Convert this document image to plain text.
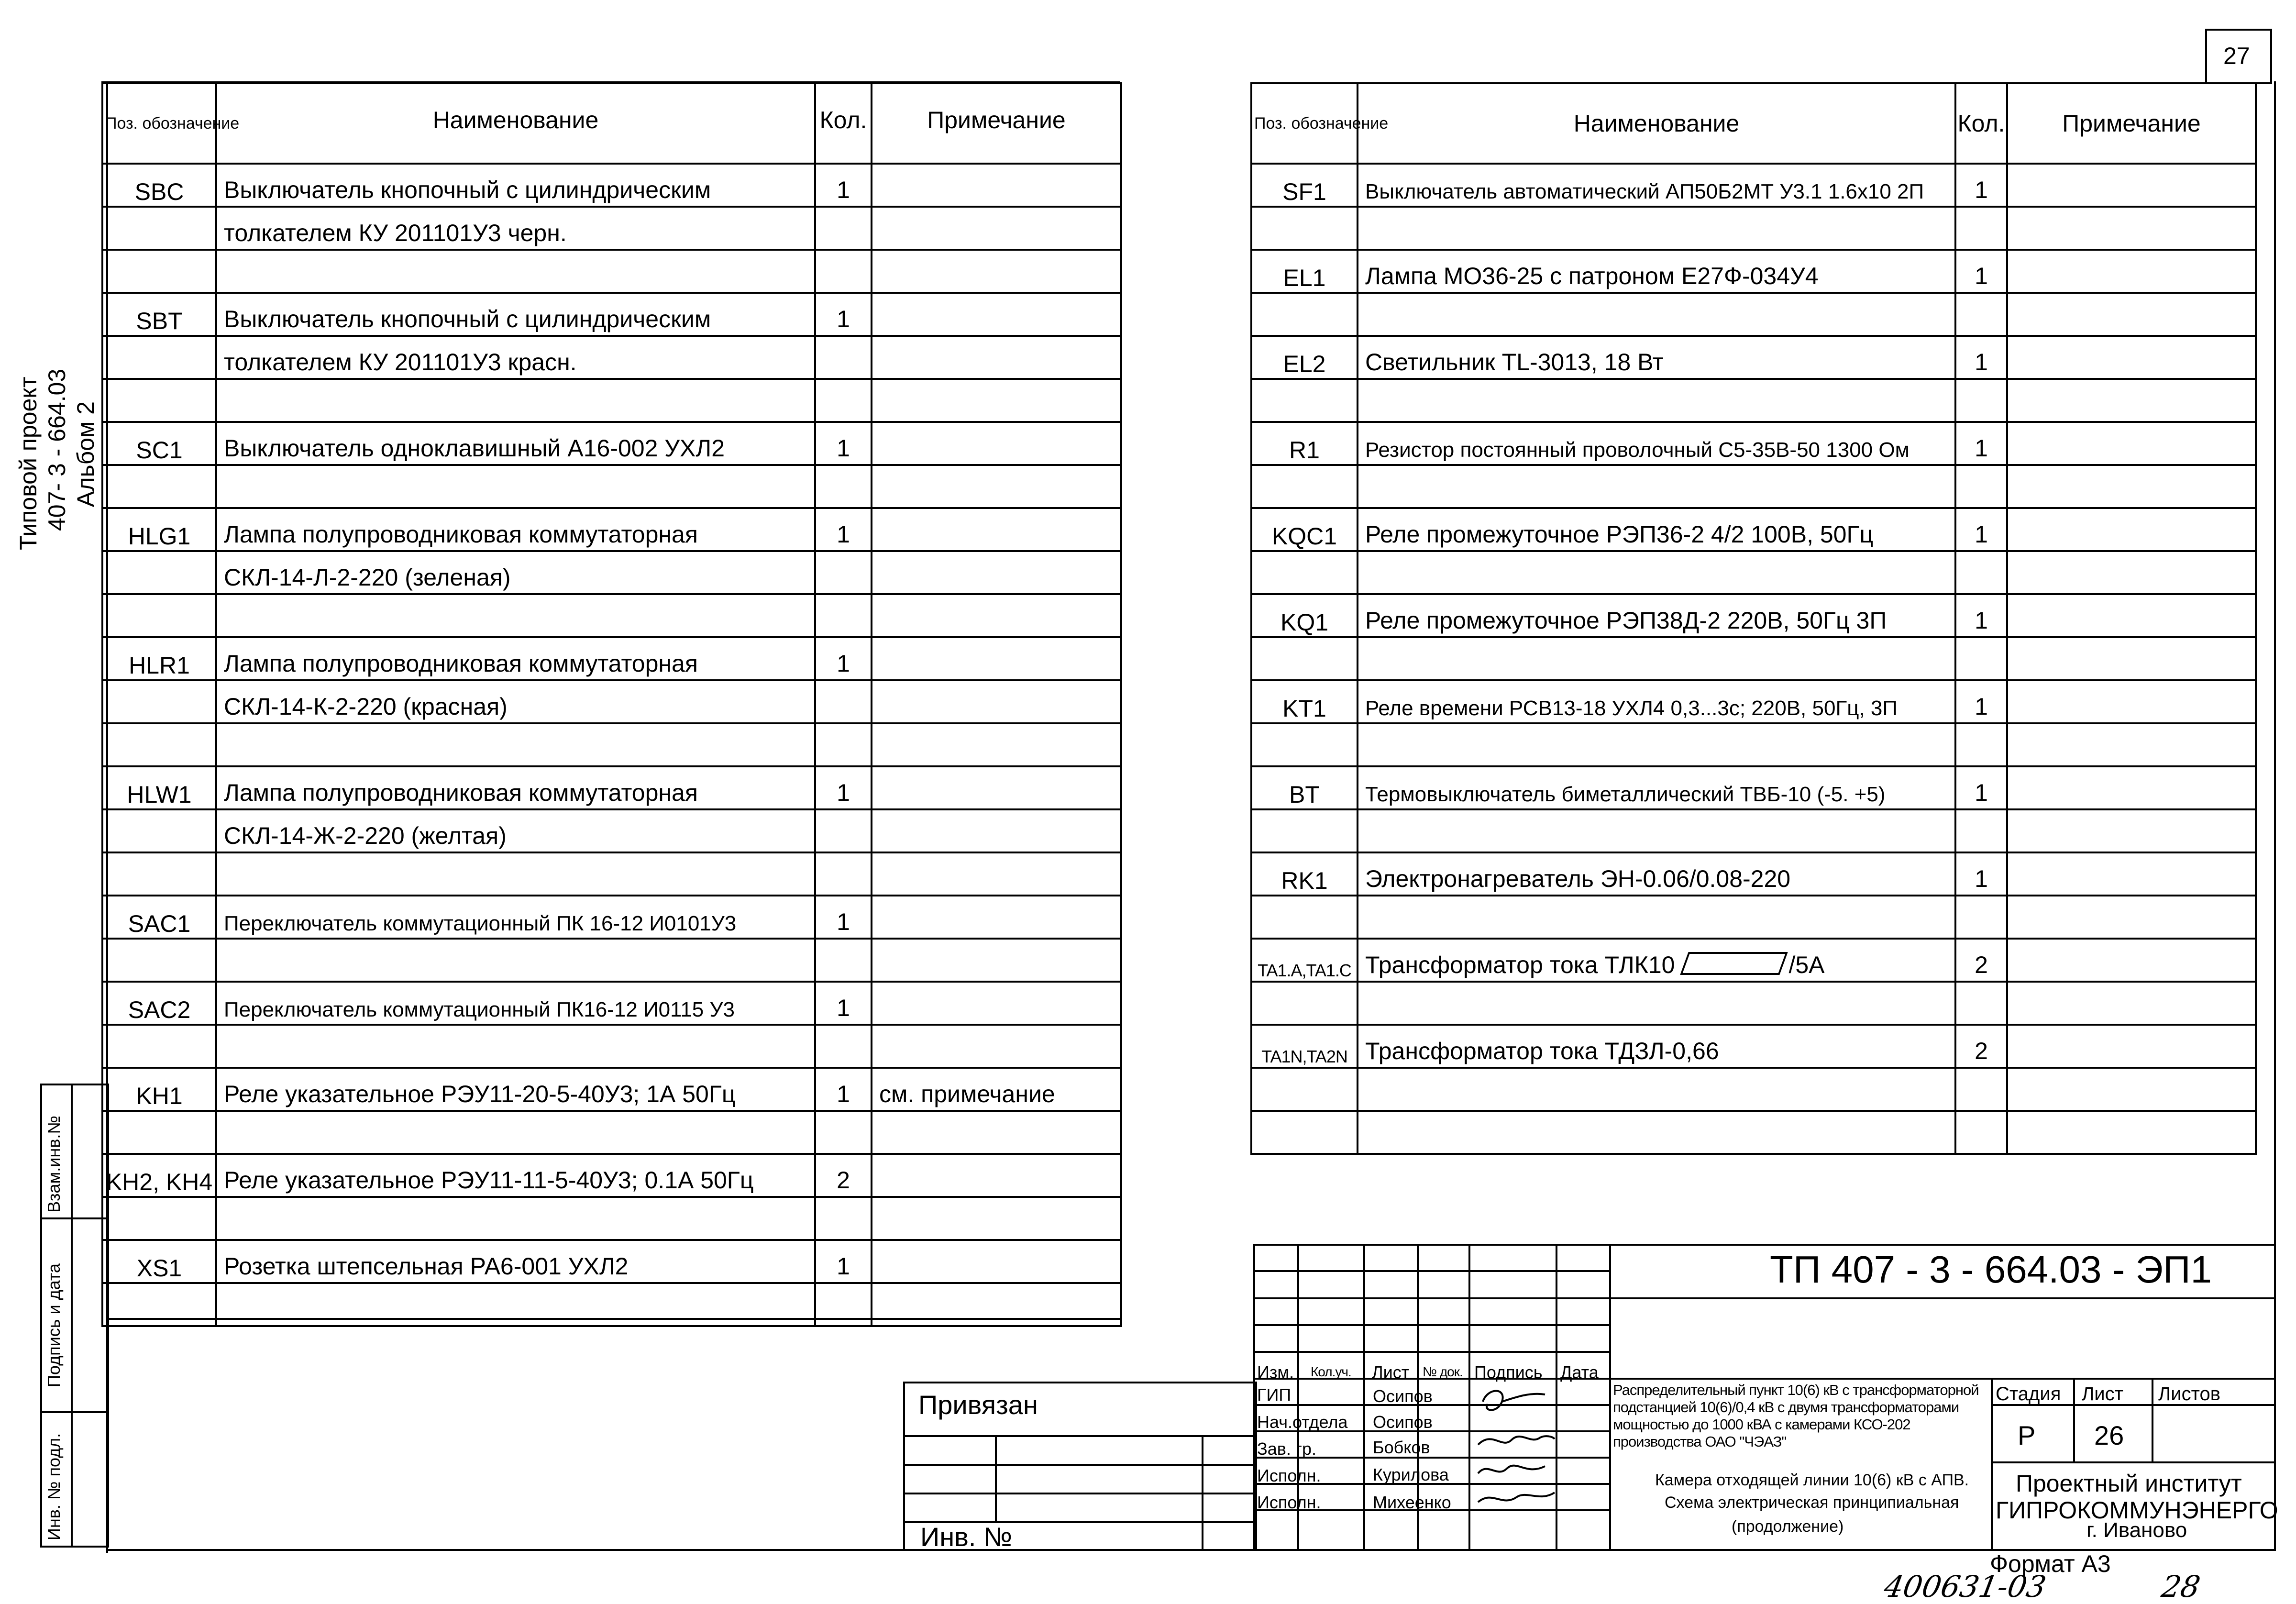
27
Типовой проект 407- 3 - 664.03 Альбом 2
Взам.инв.№
Подпись и дата
Инв. № подл.
Поз. обозначение	Наименование	Кол.	Примечание
SBC	Выключатель кнопочный с цилиндрическим	1	
	толкателем КУ 201101У3 черн.		

SBT	Выключатель кнопочный с цилиндрическим	1	
	толкателем КУ 201101У3 красн.		

SC1	Выключатель одноклавишный А16-002 УХЛ2	1	

HLG1	Лампа полупроводниковая коммутаторная	1	
	СКЛ-14-Л-2-220 (зеленая)		

HLR1	Лампа полупроводниковая коммутаторная	1	
	СКЛ-14-К-2-220 (красная)		

HLW1	Лампа полупроводниковая коммутаторная	1	
	СКЛ-14-Ж-2-220 (желтая)		

SAC1	Переключатель коммутационный ПК 16-12 И0101У3	1	

SAC2	Переключатель коммутационный ПК16-12 И0115 У3	1	

KH1	Реле указательное РЭУ11-20-5-40У3; 1А 50Гц	1	см. примечание

KH2, KH4	Реле указательное РЭУ11-11-5-40У3; 0.1А 50Гц	2	

XS1	Розетка штепсельная РА6-001 УХЛ2	1	

Поз. обозначение	Наименование	Кол.	Примечание
SF1	Выключатель автоматический АП50Б2МТ У3.1 1.6х10 2П	1	

EL1	Лампа МО36-25 с патроном Е27Ф-034У4	1	

EL2	Светильник TL-3013, 18 Вт	1	

R1	Резистор постоянный проволочный С5-35В-50 1300 Ом	1	

KQC1	Реле промежуточное РЭП36-2 4/2 100В, 50Гц	1	

KQ1	Реле промежуточное РЭП38Д-2 220В, 50Гц 3П	1	

KT1	Реле времени РСВ13-18 УХЛ4 0,3...3с; 220В, 50Гц, 3П	1	

BT	Термовыключатель биметаллический ТВБ-10 (-5. +5)	1	

RK1	Электронагреватель ЭН-0.06/0.08-220	1	

TA1.A,TA1.C	Трансформатор тока ТЛК10 /5А	2	

TA1N,TA2N	Трансформатор тока ТДЗЛ-0,66	2	

Изм. Кол.уч. Лист № док. Подпись Дата
ГИП	Осипов
Нач.отдела Осипов
Зав. гр.	Бобков
Исполн.	Курилова
Исполн.	Михеенко
ТП 407 - 3 - 664.03 - ЭП1
Распределительный пункт 10(6) кВ с трансформаторной подстанцией 10(6)/0,4 кВ с двумя трансформаторами мощностью до 1000 кВА с камерами КСО-202 производства ОАО "ЧЭАЗ"
Камера отходящей линии 10(6) кВ с АПВ.
Схема электрическая принципиальная
(продолжение)
Стадия Лист Листов
Р 26
Проектный институт
ГИПРОКОММУНЭНЕРГО
г. Иваново
Привязан
Инв. №
Формат А3
400631-03	28
